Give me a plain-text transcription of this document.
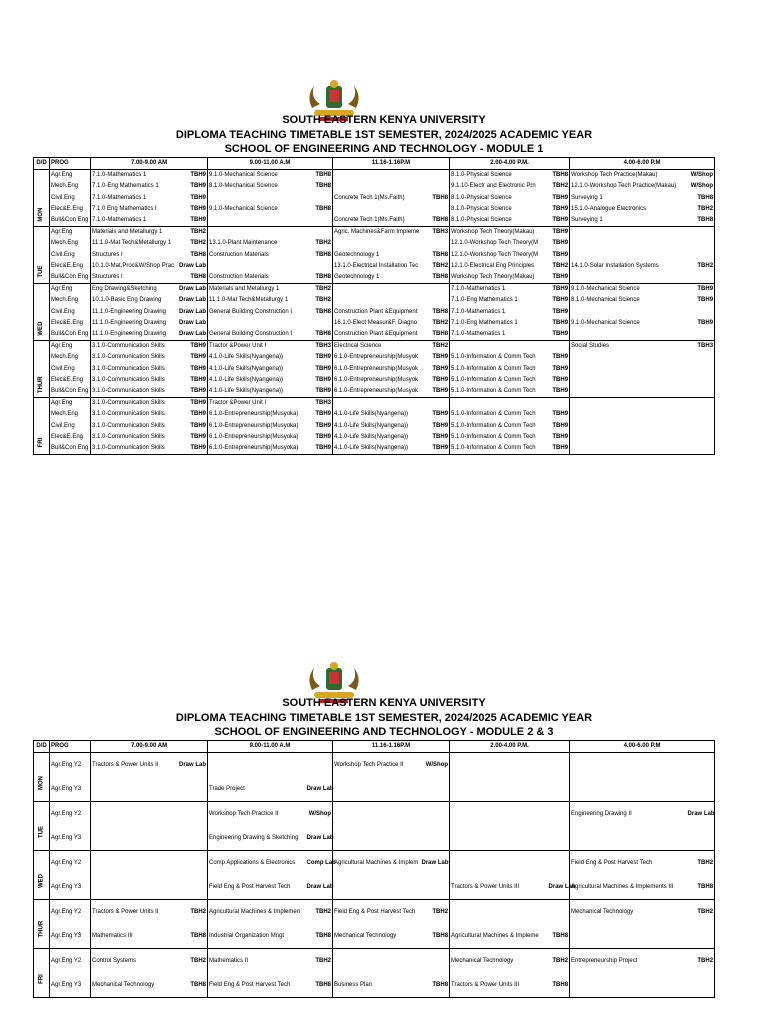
SOUTH EASTERN KENYA UNIVERSITY
DIPLOMA TEACHING TIMETABLE 1ST SEMESTER, 2024/2025 ACADEMIC YEAR
SCHOOL OF ENGINEERING AND TECHNOLOGY - MODULE 1
D/D	PROG	7.00-9.00 AM		9.00-11.00 A.M		11.16-1.16P.M		2.00-4.00 P.M.		4.00-6.00 P.M	

MON	Agr.Eng	7.1.0-Mathematics 1	TBH9	9.1.0-Mechanical Science	TBH8			8.1.0-Physical Science	TBH8	Workshop Tech Practice(Makau)	W/Shop
	Mech.Eng	7.1.0-Eng Mathematics 1	TBH9	8.1.0-Mechanical Science	TBH8			9.1.10-Electr and Electronic Prn	TBH2	12.1.0-Workshop Tech Practice(Makau)	W/Shop
	Civil.Eng	7.1.0-Mathematics 1	TBH9			Concrete Tech 1(Ms.Faith)	TBH8	8.1.0-Physical Science	TBH9	Surveying 1	TBH8
	Elec&E.Eng	7.1.0 Eng Mathematics I	TBH9	9.1.0-Mechanical Science	TBH8			8.1.0-Physical Science	TBH9	15.1.0-Analogue Electronics	TBH2
	Bull&Con Eng	7.1.0-Mathematics 1	TBH9			Concrete Tech 1(Ms.Faith)	TBH8	8.1.0-Physical Science	TBH9	Surveying 1	TBH8

TUE	Agr.Eng	Materials and Metallurgy 1	TBH2			Agric. Machines&Farm Impleme	TBH3	Workshop Tech Theory(Makau)	TBH9		
	Mech.Eng	11.1.0-Mat Tech&Metallurgy 1	TBH2	13.1.0-Plant Maintenance	TBH2			12.1.0-Workshop Tech Theory(M	TBH9		
	Civil.Eng	Structures I	TBH8	Construction Materials	TBH8	Geotechnology 1	TBH8	12.1.0-Workshop Tech Theory(M	TBH9		
	Elec&E.Eng	10.1.0-Mat,Proc&W/Shop Prac	Draw Lab			13.1.0-Electrical Installation Tec	TBH2	12.1.0-Electrical Eng Principles	TBH2	14.1.0-Solar Installation Systems	TBH2
	Bull&Con Eng	Structures I	TBH8	Construction Materials	TBH8	Geotechnology 1	TBH8	Workshop Tech Theory(Makau)	TBH9		

WED	Agr.Eng	Eng Drawing&Sketching	Draw Lab	Materials and Metallurgy 1	TBH2			7.1.0-Mathematics 1	TBH9	9.1.0-Mechanical Science	TBH9
	Mech.Eng	10.1.0-Basic Eng Drawing	Draw Lab	11.1.0-Mat Tech&Metallurgy 1	TBH2			7.1.0-Eng Mathematics 1	TBH9	8.1.0-Mechanical Science	TBH9
	Civil.Eng	11.1.0-Engineering Drawing	Draw Lab	General Building Construction I	TBH8	Construction Plant &Equipment	TBH8	7.1.0-Mathematics 1	TBH9		
	Elec&E.Eng	11.1.0-Engineering Drawing	Draw Lab			16.1.0-Elect Measur&F. Diagno	TBH2	7.1.0-Eng Mathematics 1	TBH9	9.1.0-Mechanical Science	TBH9
	Bull&Con Eng	11.1.0-Engineering Drawing	Draw Lab	General Building Construction I	TBH8	Construction Plant &Equipment	TBH8	7.1.0-Mathematics 1	TBH9		

THUR	Agr.Eng	3.1.0-Communication Skills	TBH9	Tractor &Power Unit I	TBH3	Electrical Science	TBH2			Social Studies	TBH3
	Mech.Eng	3.1.0-Communication Skills	TBH9	4.1.0-Life Skills(Nyangena))	TBH9	6.1.0-Entrepreneurship(Musyok	TBH9	5.1.0-Information & Comm Tech	TBH9		
	Civil.Eng	3.1.0-Communication Skills	TBH9	4.1.0-Life Skills(Nyangena))	TBH9	6.1.0-Entrepreneurship(Musyok	TBH9	5.1.0-Information & Comm Tech	TBH9		
	Elec&E.Eng	3.1.0-Communication Skills	TBH9	4.1.0-Life Skills(Nyangena))	TBH9	6.1.0-Entrepreneurship(Musyok	TBH9	5.1.0-Information & Comm Tech	TBH9		
	Bull&Con Eng	3.1.0-Communication Skills	TBH9	4.1.0-Life Skills(Nyangena))	TBH9	6.1.0-Entrepreneurship(Musyok	TBH9	5.1.0-Information & Comm Tech	TBH9		

FRI	Agr.Eng	3.1.0-Communication Skills	TBH9	Tractor &Power Unit I	TBH3						
	Mech.Eng	3.1.0-Communication Skills	TBH9	6.1.0-Entrepreneurship(Musyoka)	TBH9	4.1.0-Life Skills(Nyangena))	TBH9	5.1.0-Information & Comm Tech	TBH9		
	Civil.Eng	3.1.0-Communication Skills	TBH9	6.1.0-Entrepreneurship(Musyoka)	TBH9	4.1.0-Life Skills(Nyangena))	TBH9	5.1.0-Information & Comm Tech	TBH9		
	Elec&E.Eng	3.1.0-Communication Skills	TBH9	6.1.0-Entrepreneurship(Musyoka)	TBH9	4.1.0-Life Skills(Nyangena))	TBH9	5.1.0-Information & Comm Tech	TBH9		
	Bull&Con Eng	3.1.0-Communication Skills	TBH9	6.1.0-Entrepreneurship(Musyoka)	TBH9	4.1.0-Life Skills(Nyangena))	TBH9	5.1.0-Information & Comm Tech	TBH9		
SOUTH EASTERN KENYA UNIVERSITY
DIPLOMA TEACHING TIMETABLE 1ST SEMESTER, 2024/2025 ACADEMIC YEAR
SCHOOL OF ENGINEERING AND TECHNOLOGY - MODULE 2 & 3
D/D	PROG	7.00-9.00 AM		9.00-11.00 A.M		11.16-1.16P.M		2.00-4.00 P.M.		4.00-6.00 P.M	

MON	Agr.Eng Y2	Tractors & Power Units II	Draw Lab			Workshop Tech Practice II	W/Shop				
	Agr.Eng Y3			Trade Project	Draw Lab						

TUE	Agr.Eng Y2			Workshop Tech Practice II	W/Shop					Engineering Drawing II	Draw Lab
	Agr.Eng Y3			Engineering Drawing & Sketching	Draw Lab						

WED	Agr.Eng Y2			Comp Applications & Electronics	Comp Lab	Agricultural Machines & Implem	Draw Lab			Field Eng & Post Harvest Tech	TBH2
	Agr.Eng Y3			Field Eng & Post Harvest Tech	Draw Lab			Tractors & Power Units III	Draw Lab	Agricultural Machines & Implements III	TBH8

THUR	Agr.Eng Y2	Tractors & Power Units II	TBH2	Agricultural Machines & Implemen	TBH2	Field Eng & Post Harvest Tech	TBH2			Mechanical Technology	TBH2
	Agr.Eng Y3	Mathematics III	TBH8	Industrial Organization Mngt	TBH8	Mechanical Technology	TBH8	Agricultural Machines & Impleme	TBH8		

FRI	Agr.Eng Y2	Control Systems	TBH2	Mathematics II	TBH2			Mechanical Technology	TBH2	Entrepreneurship Project	TBH2
	Agr.Eng Y3	Mechanical Technology	TBH8	Field Eng & Post Harvest Tech	TBH8	Business Plan	TBH8	Tractors & Power Units III	TBH8		
